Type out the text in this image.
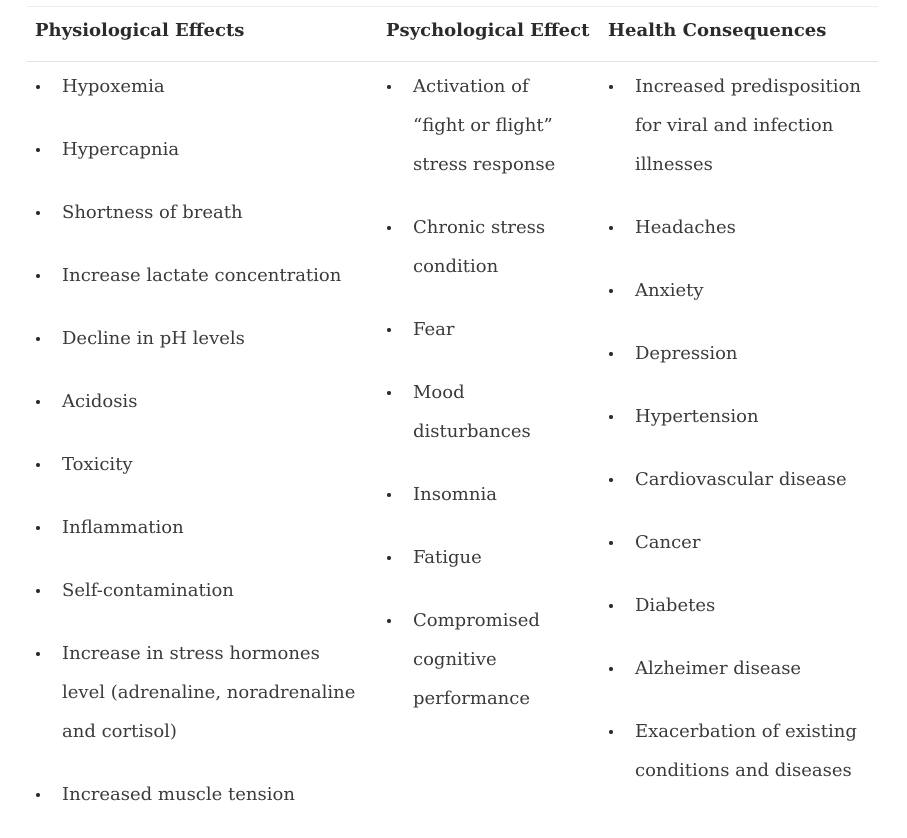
Physiological Effects	Psychological Effect Health Consequences
Hypoxemia
Hypercapnia
Shortness of breath
Increase lactate concentration
Decline in pH levels
Acidosis
Toxicity
Inflammation
Self-contamination
Increase in stress hormones level (adrenaline, noradrenaline and cortisol)
Increased muscle tension
Activation of “fight or flight” stress response
Chronic stress condition
Fear
Mood disturbances
Insomnia
Fatigue
Compromised cognitive performance
Increased predisposition for viral and infection illnesses
Headaches
Anxiety
Depression
Hypertension
Cardiovascular disease
Cancer
Diabetes
Alzheimer disease
Exacerbation of existing conditions and diseases
